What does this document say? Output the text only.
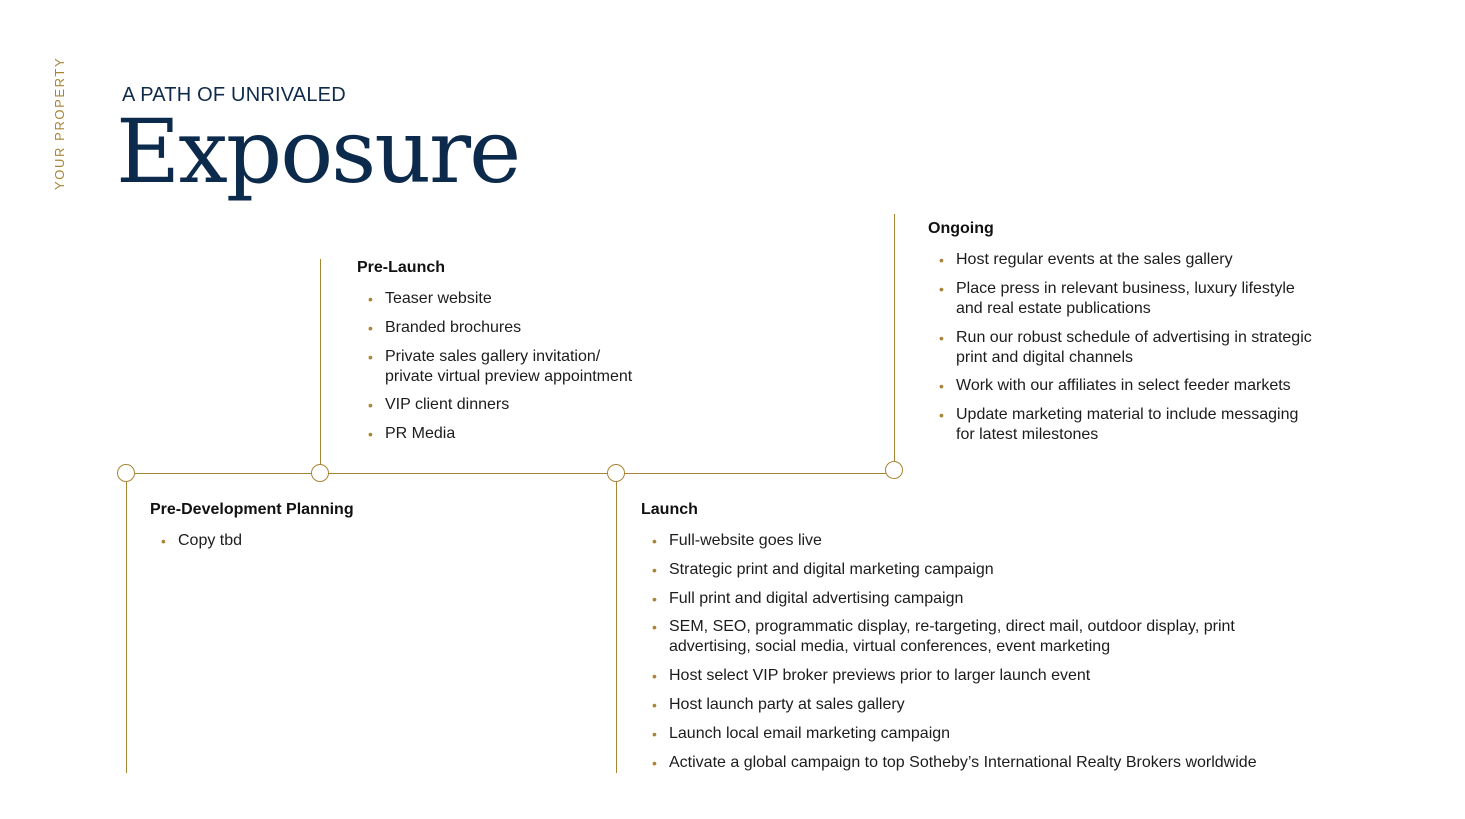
YOUR PROPERTY	A PATH OF UNRIVALED
Exposure
Pre-Development Planning
• Copy tbd
Pre-Launch
• Teaser website
• Branded brochures
• Private sales gallery invitation/
private virtual preview appointment
• VIP client dinners
• PR Media
Launch
• Full-website goes live
• Strategic print and digital marketing campaign
• Full print and digital advertising campaign
• SEM, SEO, programmatic display, re-targeting, direct mail, outdoor display, print
advertising, social media, virtual conferences, event marketing
• Host select VIP broker previews prior to larger launch event
• Host launch party at sales gallery
• Launch local email marketing campaign
• Activate a global campaign to top Sotheby’s International Realty Brokers worldwide
Ongoing
• Host regular events at the sales gallery
• Place press in relevant business, luxury lifestyle
and real estate publications
• Run our robust schedule of advertising in strategic
print and digital channels
• Work with our affiliates in select feeder markets
• Update marketing material to include messaging
for latest milestones
